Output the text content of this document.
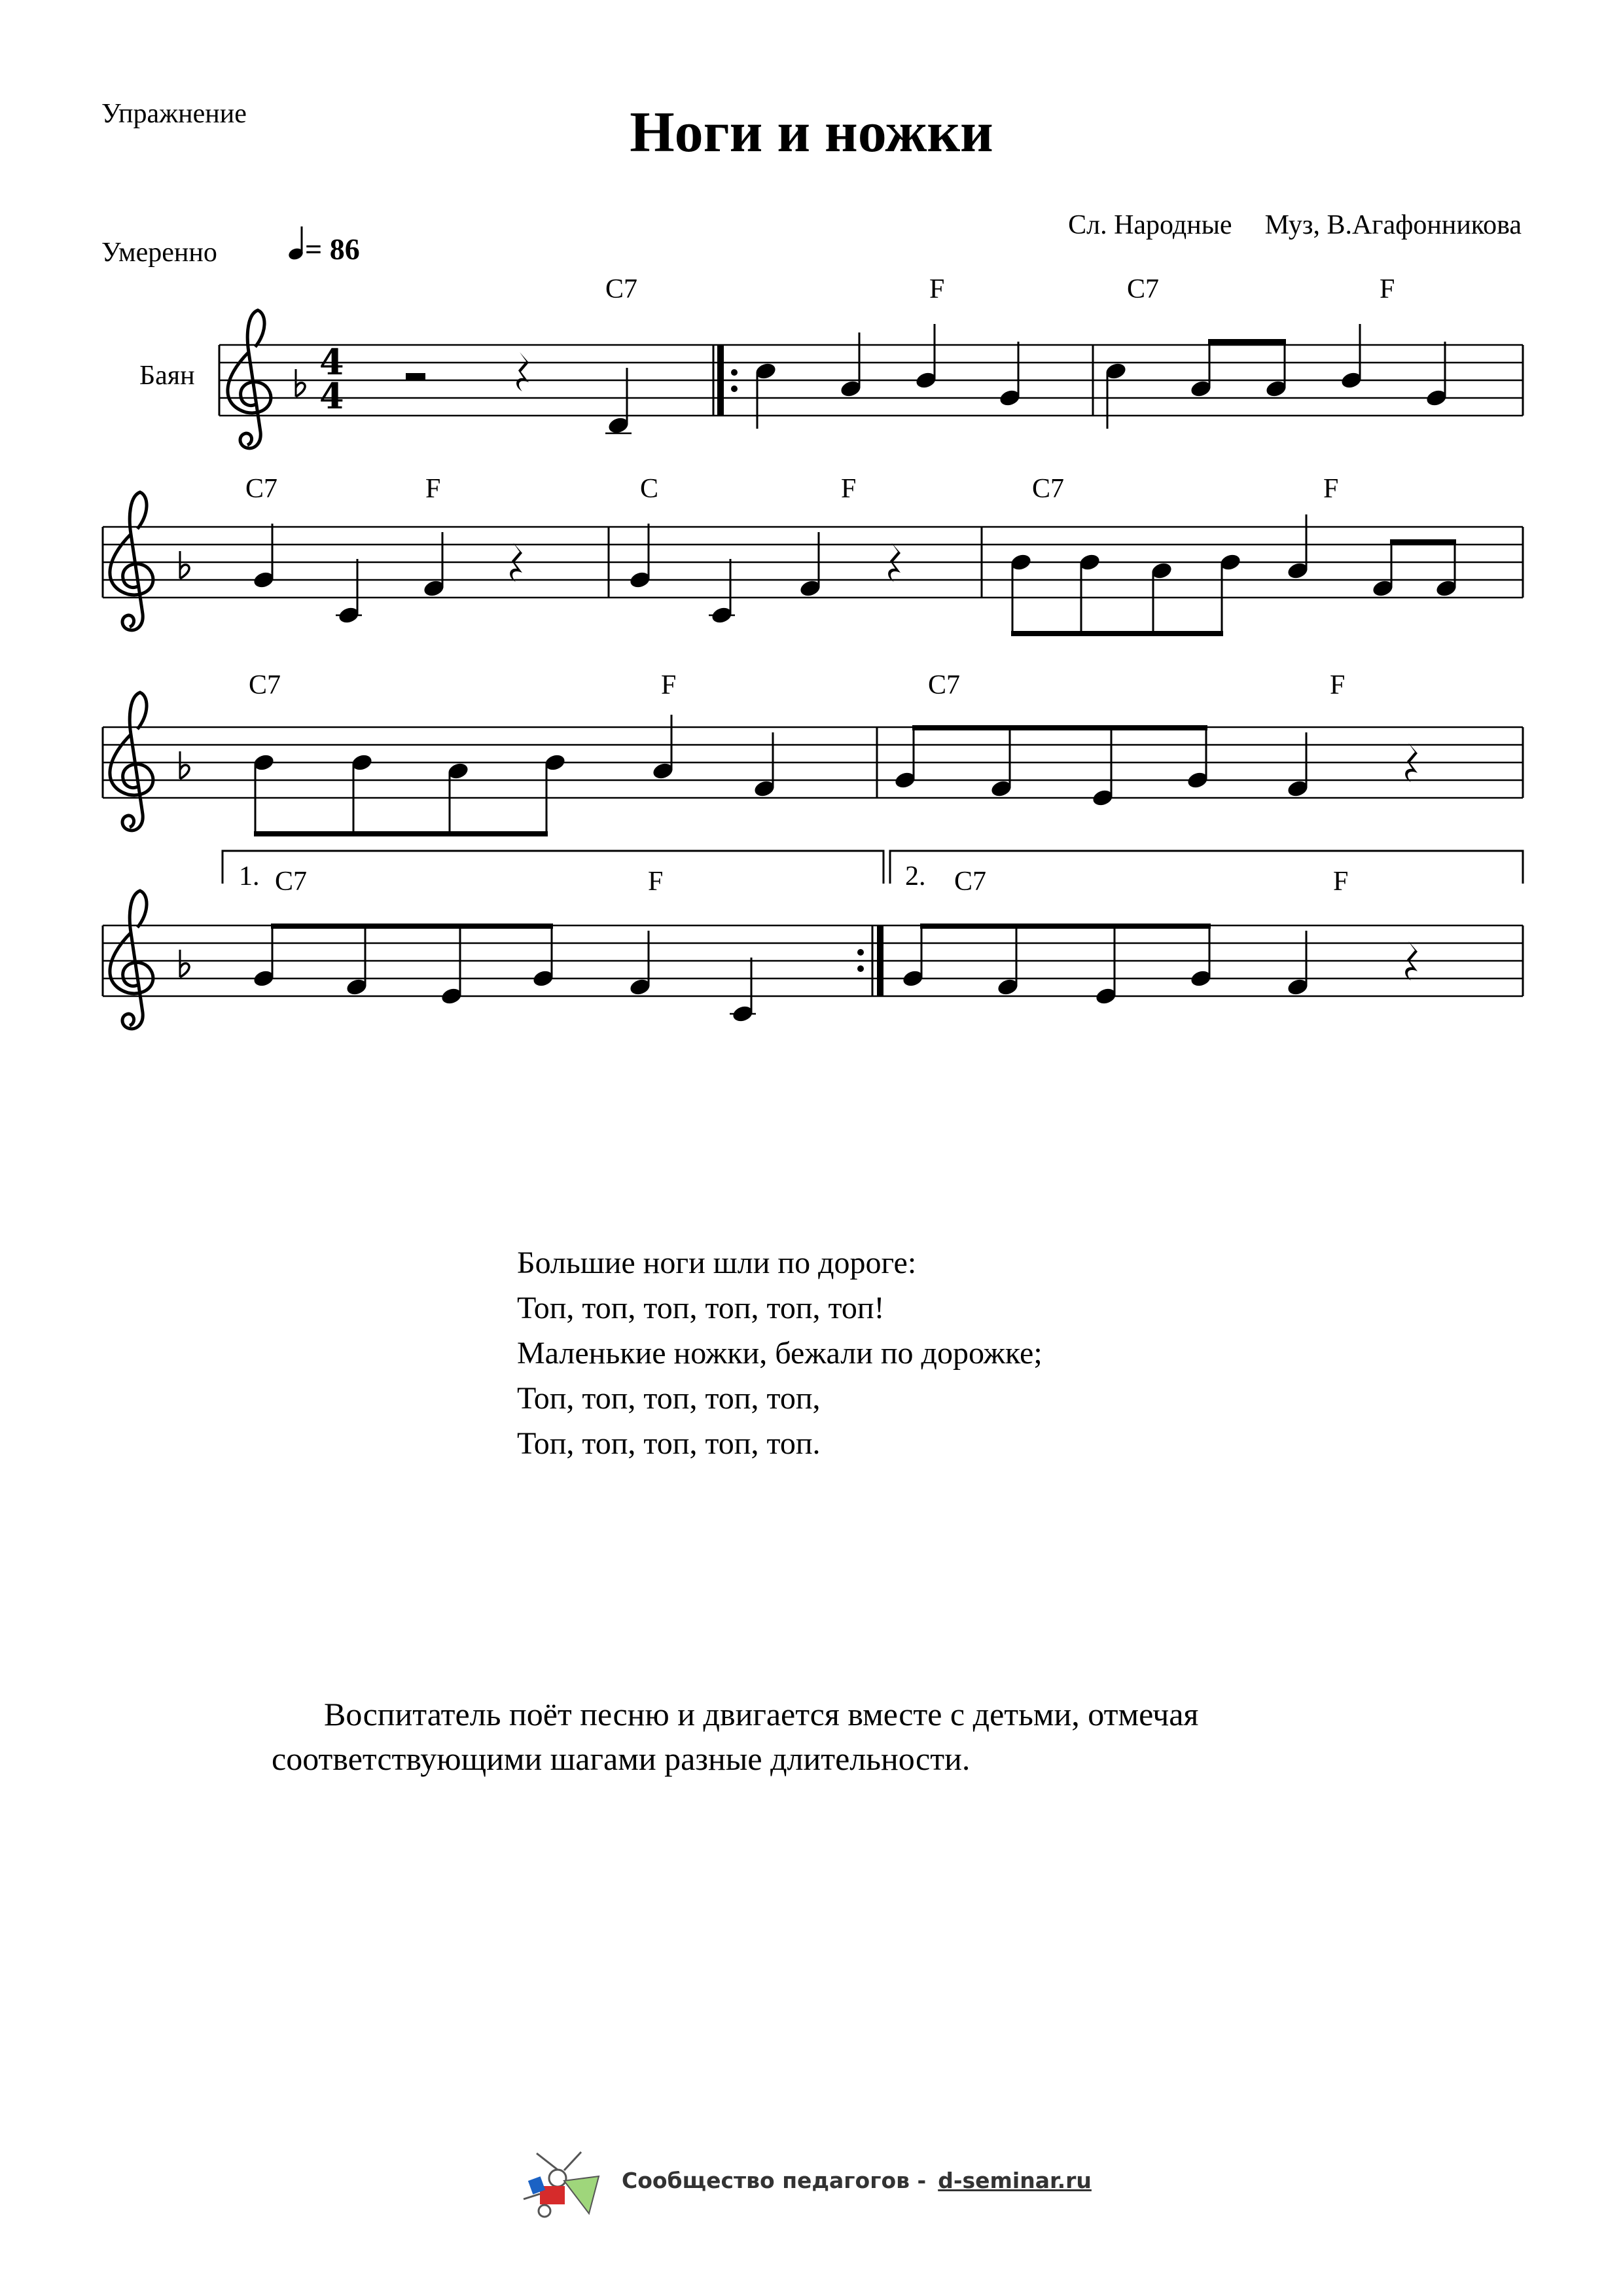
Упражнение	Ноги и ножки
Сл. Народные Муз, В.Агафонникова
Умеренно	= 86
Баян	4
4
C7	F	C7	F
C7	F	C	F	C7	F
C7	F	C7	F
1. C7	F	2. C7	F
Большие ноги шли по дороге:
Топ, топ, топ, топ, топ, топ!
Маленькие ножки, бежали по дорожке;
Топ, топ, топ, топ, топ,
Топ, топ, топ, топ, топ.
Воспитатель поёт песню и двигается вместе с детьми, отмечая соответствующими шагами разные длительности.
Сообщество педагогов - d-seminar.ru
